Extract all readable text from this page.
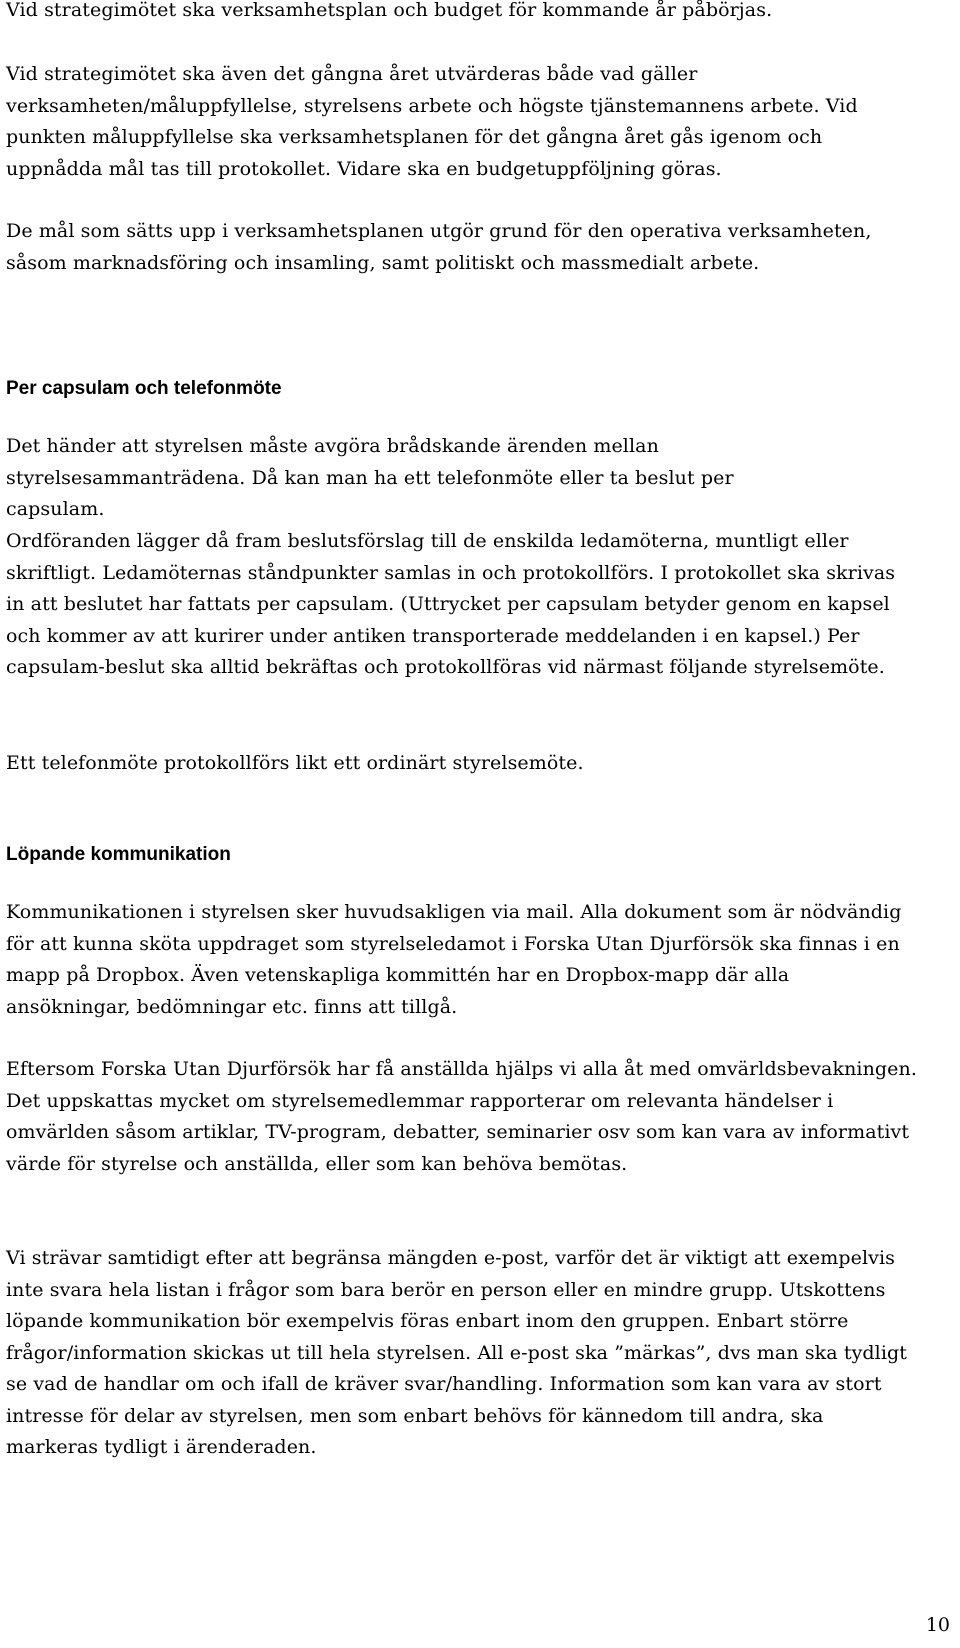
Vid strategimötet ska verksamhetsplan och budget för kommande år påbörjas.

Vid strategimötet ska även det gångna året utvärderas både vad gäller verksamheten/måluppfyllelse, styrelsens arbete och högste tjänstemannens arbete. Vid punkten måluppfyllelse ska verksamhetsplanen för det gångna året gås igenom och uppnådda mål tas till protokollet. Vidare ska en budgetuppföljning göras.

De mål som sätts upp i verksamhetsplanen utgör grund för den operativa verksamheten, såsom marknadsföring och insamling, samt politiskt och massmedialt arbete.

Per capsulam och telefonmöte

Det händer att styrelsen måste avgöra brådskande ärenden mellan styrelsesammanträdena. Då kan man ha ett telefonmöte eller ta beslut per capsulam.

Ordföranden lägger då fram beslutsförslag till de enskilda ledamöterna, muntligt eller skriftligt. Ledamöternas ståndpunkter samlas in och protokollförs. I protokollet ska skrivas in att beslutet har fattats per capsulam. (Uttrycket per capsulam betyder genom en kapsel och kommer av att kurirer under antiken transporterade meddelanden i en kapsel.) Per capsulam-beslut ska alltid bekräftas och protokollföras vid närmast följande styrelsemöte.

Ett telefonmöte protokollförs likt ett ordinärt styrelsemöte.

Löpande kommunikation

Kommunikationen i styrelsen sker huvudsakligen via mail. Alla dokument som är nödvändig för att kunna sköta uppdraget som styrelseledamot i Forska Utan Djurförsök ska finnas i en mapp på Dropbox. Även vetenskapliga kommittén har en Dropbox-mapp där alla ansökningar, bedömningar etc. finns att tillgå.

Eftersom Forska Utan Djurförsök har få anställda hjälps vi alla åt med omvärldsbevakningen. Det uppskattas mycket om styrelsemedlemmar rapporterar om relevanta händelser i omvärlden såsom artiklar, TV-program, debatter, seminarier osv som kan vara av informativt värde för styrelse och anställda, eller som kan behöva bemötas.

Vi strävar samtidigt efter att begränsa mängden e-post, varför det är viktigt att exempelvis inte svara hela listan i frågor som bara berör en person eller en mindre grupp. Utskottens löpande kommunikation bör exempelvis föras enbart inom den gruppen. Enbart större frågor/information skickas ut till hela styrelsen. All e-post ska ”märkas”, dvs man ska tydligt se vad de handlar om och ifall de kräver svar/handling. Information som kan vara av stort intresse för delar av styrelsen, men som enbart behövs för kännedom till andra, ska markeras tydligt i ärenderaden.

10
